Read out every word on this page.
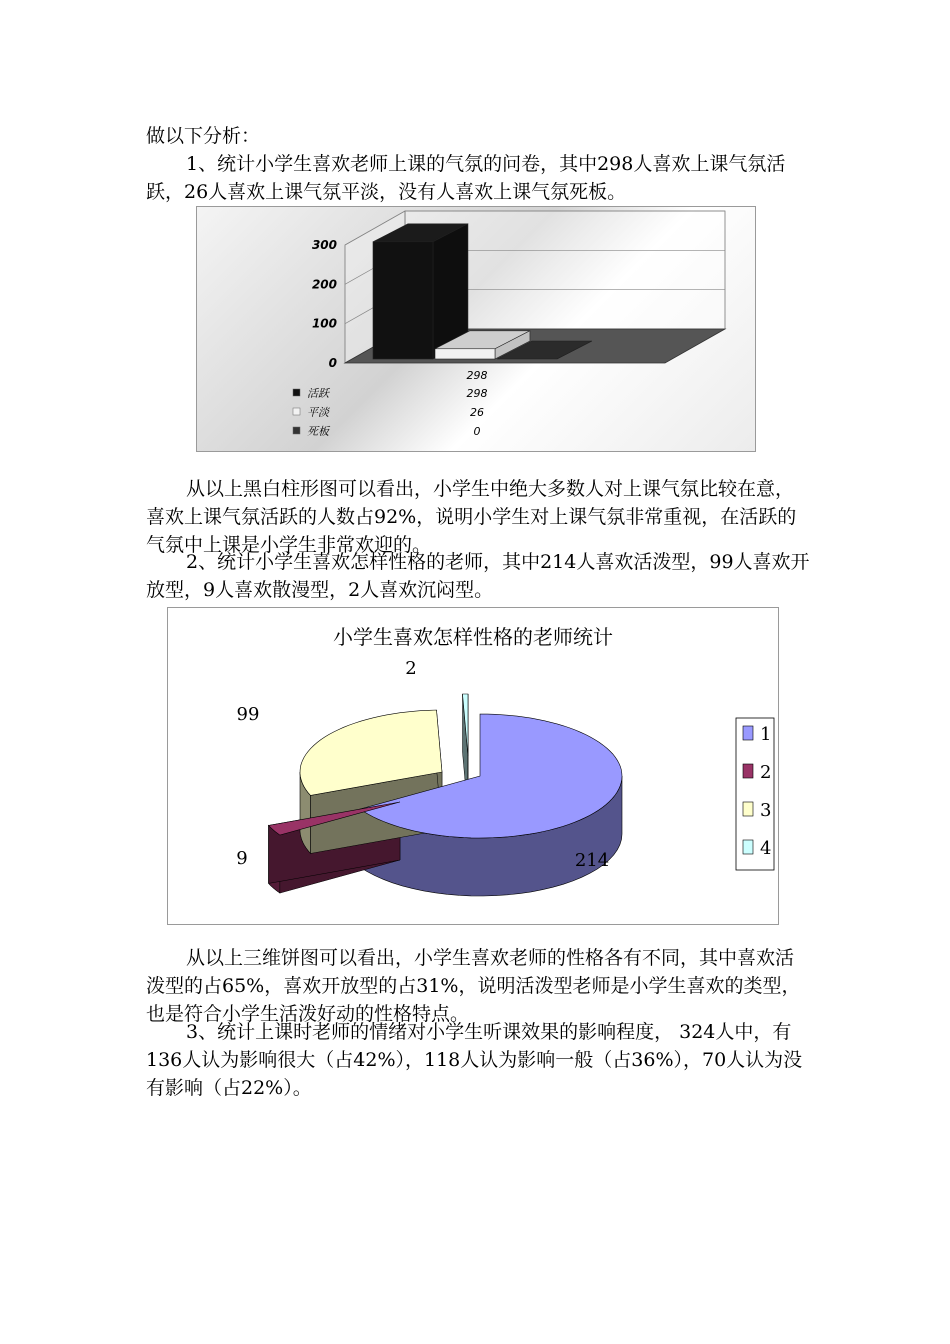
做以下分析：

1、统计小学生喜欢老师上课的气氛的问卷，其中298人喜欢上课气氛活跃，26人喜欢上课气氛平淡，没有人喜欢上课气氛死板。

0
100
200
300
298
活跃	298
平淡	26
死板	0

从以上黑白柱形图可以看出，小学生中绝大多数人对上课气氛比较在意，喜欢上课气氛活跃的人数占92%，说明小学生对上课气氛非常重视，在活跃的气氛中上课是小学生非常欢迎的。

2、统计小学生喜欢怎样性格的老师，其中214人喜欢活泼型，99人喜欢开放型，9人喜欢散漫型，2人喜欢沉闷型。

小学生喜欢怎样性格的老师统计
214
9
99
2
1
2
3
4

从以上三维饼图可以看出，小学生喜欢老师的性格各有不同，其中喜欢活泼型的占65%，喜欢开放型的占31%，说明活泼型老师是小学生喜欢的类型，也是符合小学生活泼好动的性格特点。

3、统计上课时老师的情绪对小学生听课效果的影响程度， 324人中，有136人认为影响很大（占42%），118人认为影响一般（占36%），70人认为没有影响（占22%）。
